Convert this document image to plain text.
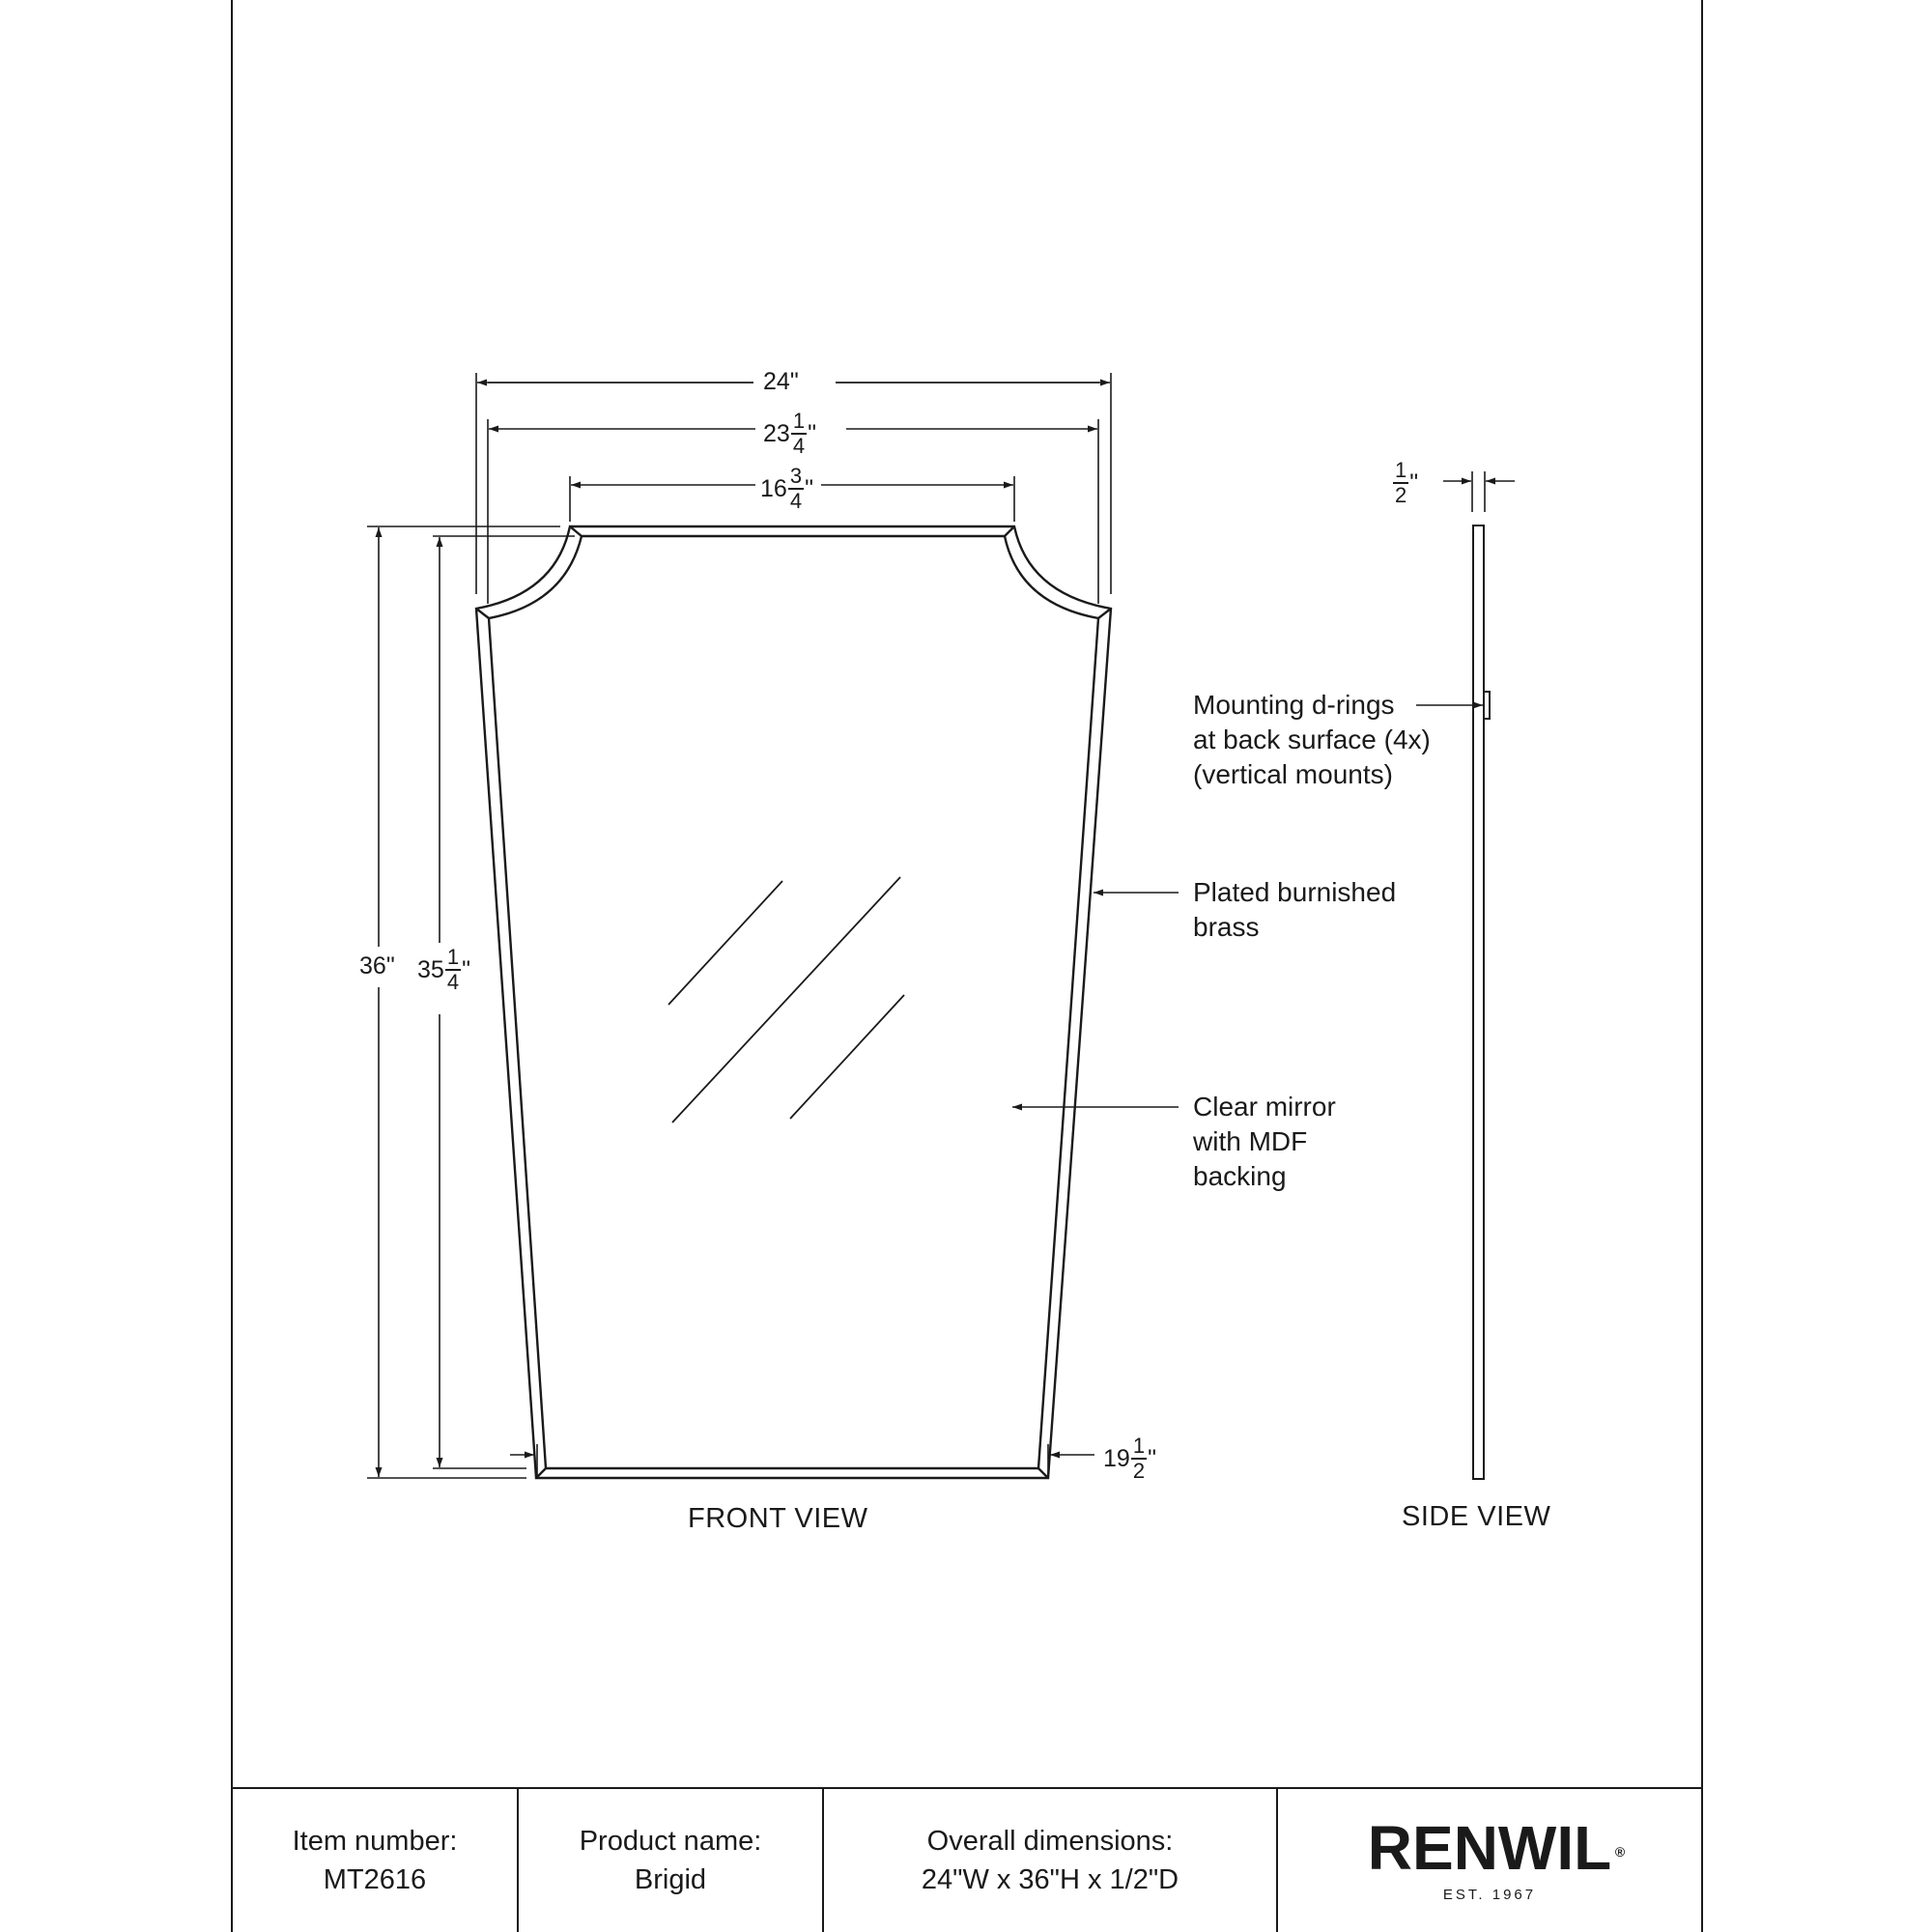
24 "
$23 \frac{1}{4}$ "
$16 \frac{3}{4}$ "
36 " $35 \frac{1}{4}$ "
$19 \frac{1}{2}$ "
$\frac{1}{2}$ "
Mounting d-rings
at back surface (4x)
(vertical mounts)
Plated burnished
brass
Clear mirror
with MDF
backing
FRONT VIEW	SIDE VIEW
Item number:
MT2616
Product name:
Brigid
Overall dimensions:
24"W x 36"H x 1/2"D	RENWIL ®
EST. 1967
